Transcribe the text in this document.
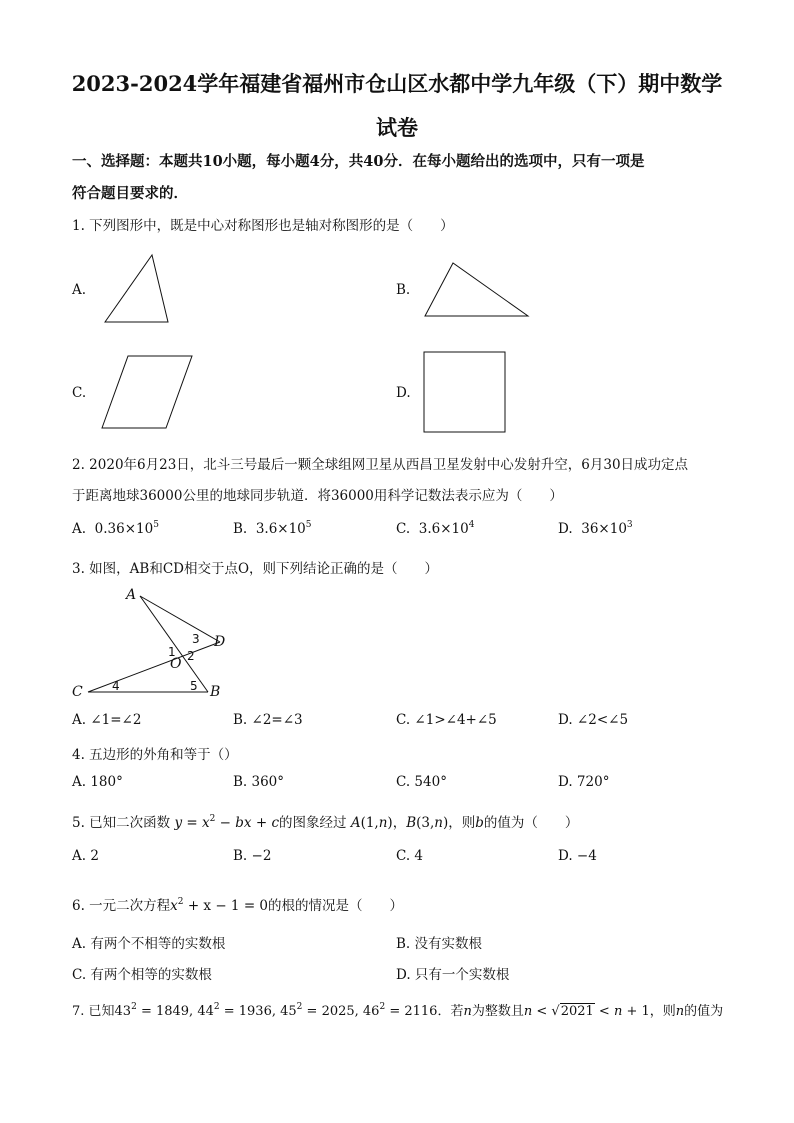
2023-2024学年福建省福州市仓山区水都中学九年级（下）期中数学
试卷
一、选择题：本题共10小题，每小题4分，共40分．在每小题给出的选项中，只有一项是
符合题目要求的．
1. 下列图形中，既是中心对称图形也是轴对称图形的是（　　）
A.	B.
C.	D.
2. 2020年6月23日，北斗三号最后一颗全球组网卫星从西昌卫星发射中心发射升空，6月30日成功定点
于距离地球36000公里的地球同步轨道．将36000用科学记数法表示应为（　　）
A. $0.36\times 10^5$	B. $3.6\times 10^5$	C. $3.6\times 10^4$	D. $36\times 10^3$
3. 如图，AB和CD相交于点O，则下列结论正确的是（　　）
A
B
C
D
O
1 2
3
4	5
A. ∠1=∠2	B. ∠2=∠3	C. ∠1>∠4+∠5	D. ∠2<∠5
4. 五边形的外角和等于（）
A. 180°	B. 360°	C. 540°	D. 720°
5. 已知二次函数 $y = x^2$ − bx + c的图象经过 A(1,n)，B(3,n)，则b的值为（　　）
A. 2	B. −2	C. 4	D. −4
6. 一元二次方程$x^2 + x - 1 = 0$的根的情况是（　　）
A. 有两个不相等的实数根	B. 没有实数根
C. 有两个相等的实数根	D. 只有一个实数根
7. 已知$43^2 = 1849$, $44^2 = 1936$, $45^2 = 2025$, $46^2 = 2116$．若n为整数且n < √2021 < n + 1，则n的值为
